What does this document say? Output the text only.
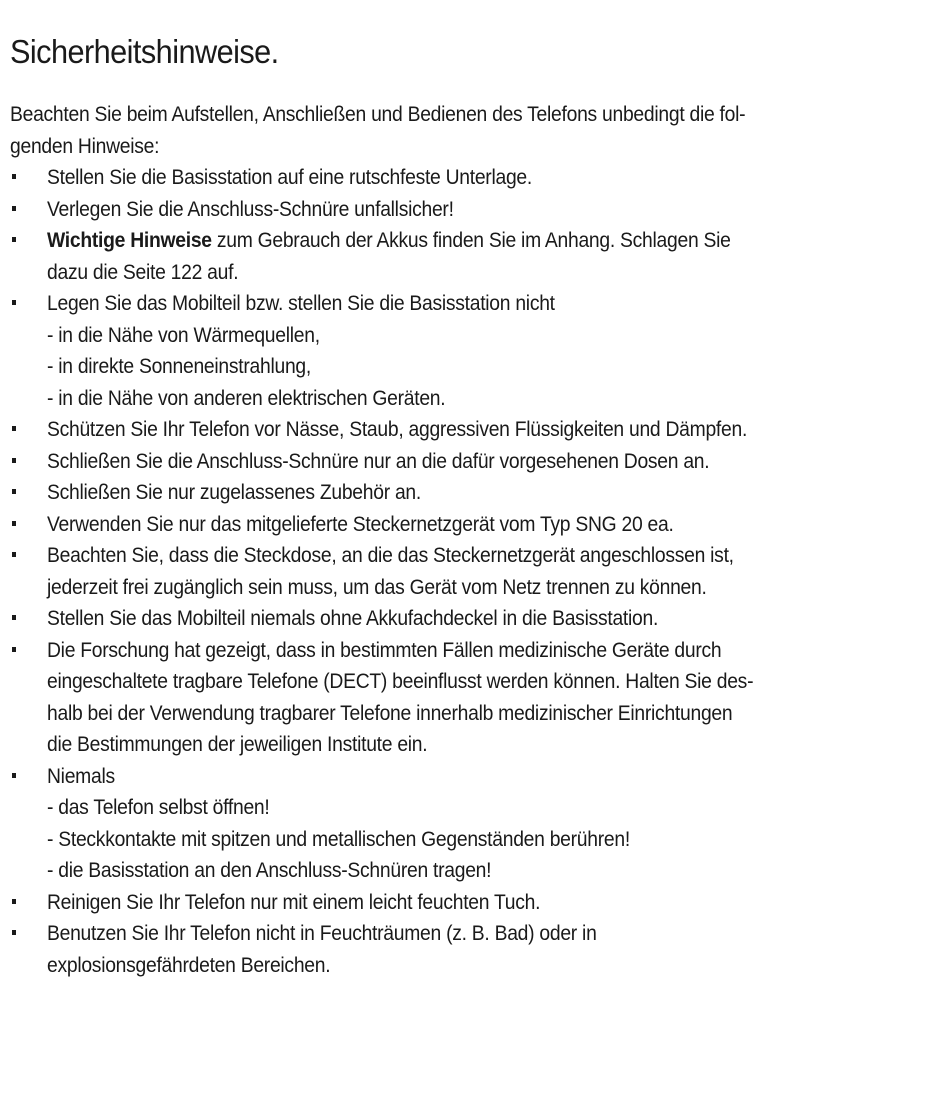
Sicherheitshinweise.

Beachten Sie beim Aufstellen, Anschließen und Bedienen des Telefons unbedingt die fol-
genden Hinweise:

Stellen Sie die Basisstation auf eine rutschfeste Unterlage.
Verlegen Sie die Anschluss-Schnüre unfallsicher!
Wichtige Hinweise zum Gebrauch der Akkus finden Sie im Anhang. Schlagen Sie
dazu die Seite 122 auf.
Legen Sie das Mobilteil bzw. stellen Sie die Basisstation nicht
- in die Nähe von Wärmequellen,
- in direkte Sonneneinstrahlung,
- in die Nähe von anderen elektrischen Geräten.
Schützen Sie Ihr Telefon vor Nässe, Staub, aggressiven Flüssigkeiten und Dämpfen.
Schließen Sie die Anschluss-Schnüre nur an die dafür vorgesehenen Dosen an.
Schließen Sie nur zugelassenes Zubehör an.
Verwenden Sie nur das mitgelieferte Steckernetzgerät vom Typ SNG 20 ea.
Beachten Sie, dass die Steckdose, an die das Steckernetzgerät angeschlossen ist,
jederzeit frei zugänglich sein muss, um das Gerät vom Netz trennen zu können.
Stellen Sie das Mobilteil niemals ohne Akkufachdeckel in die Basisstation.
Die Forschung hat gezeigt, dass in bestimmten Fällen medizinische Geräte durch
eingeschaltete tragbare Telefone (DECT) beeinflusst werden können. Halten Sie des-
halb bei der Verwendung tragbarer Telefone innerhalb medizinischer Einrichtungen
die Bestimmungen der jeweiligen Institute ein.
Niemals
- das Telefon selbst öffnen!
- Steckkontakte mit spitzen und metallischen Gegenständen berühren!
- die Basisstation an den Anschluss-Schnüren tragen!
Reinigen Sie Ihr Telefon nur mit einem leicht feuchten Tuch.
Benutzen Sie Ihr Telefon nicht in Feuchträumen (z. B. Bad) oder in
explosionsgefährdeten Bereichen.
